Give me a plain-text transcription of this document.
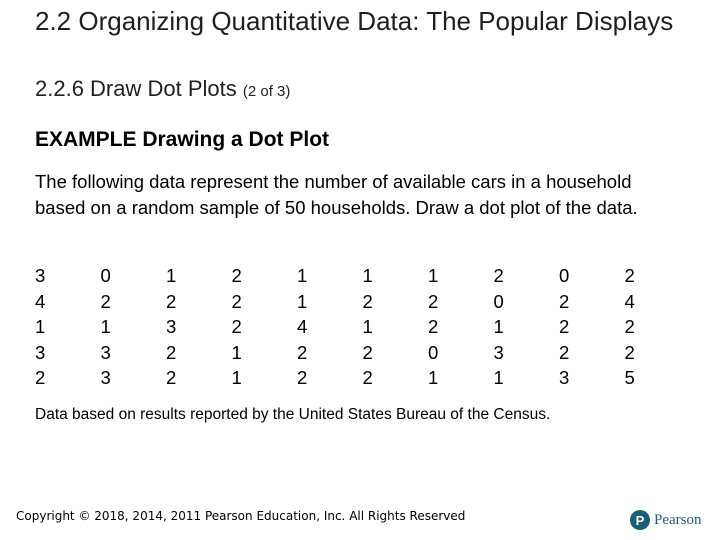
2.2 Organizing Quantitative Data: The Popular Displays
2.2.6 Draw Dot Plots (2 of 3)
EXAMPLE Drawing a Dot Plot

The following data represent the number of available cars in a household based on a random sample of 50 households. Draw a dot plot of the data.

3
4
1
3
2
0
2
1
3
3
1
2
3
2
2
2
2
2
1
1
1
1
4
2
2
1
2
1
2
2
1
2
2
0
1
2
0
1
3
1
0
2
2
2
3
2
4
2
2
5

Data based on results reported by the United States Bureau of the Census.

Copyright © 2018, 2014, 2011 Pearson Education, Inc. All Rights Reserved	P Pearson
